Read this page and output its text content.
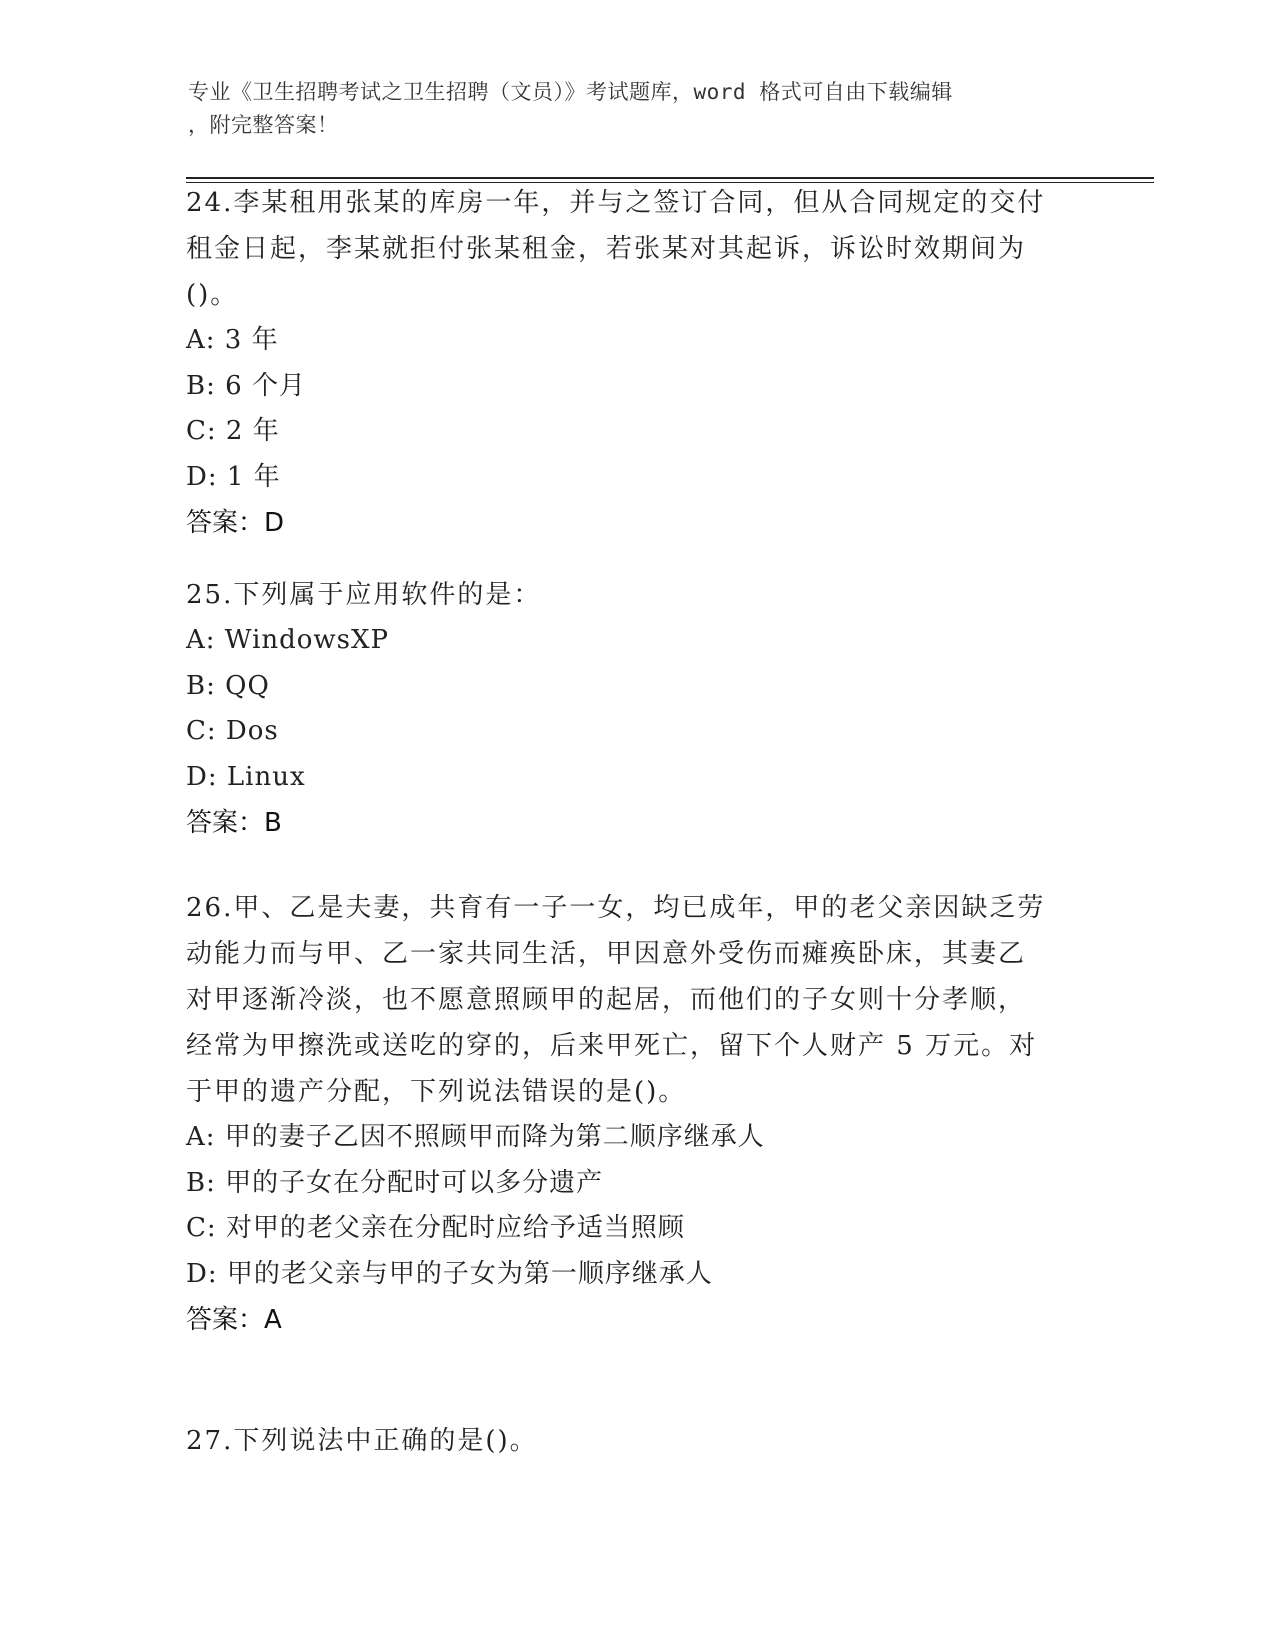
专业《卫生招聘考试之卫生招聘（文员）》考试题库，word 格式可自由下载编辑
，附完整答案！

24.李某租用张某的库房一年，并与之签订合同，但从合同规定的交付

租金日起，李某就拒付张某租金，若张某对其起诉，诉讼时效期间为

()。

A: 3 年

B: 6 个月

C: 2 年

D: 1 年

答案：D

25.下列属于应用软件的是：

A: WindowsXP

B: QQ

C: Dos

D: Linux

答案：B

26.甲、乙是夫妻，共育有一子一女，均已成年，甲的老父亲因缺乏劳

动能力而与甲、乙一家共同生活，甲因意外受伤而瘫痪卧床，其妻乙

对甲逐渐冷淡，也不愿意照顾甲的起居，而他们的子女则十分孝顺，

经常为甲擦洗或送吃的穿的，后来甲死亡，留下个人财产 5 万元。对

于甲的遗产分配，下列说法错误的是()。

A: 甲的妻子乙因不照顾甲而降为第二顺序继承人

B: 甲的子女在分配时可以多分遗产

C: 对甲的老父亲在分配时应给予适当照顾

D: 甲的老父亲与甲的子女为第一顺序继承人

答案：A

27.下列说法中正确的是()。
